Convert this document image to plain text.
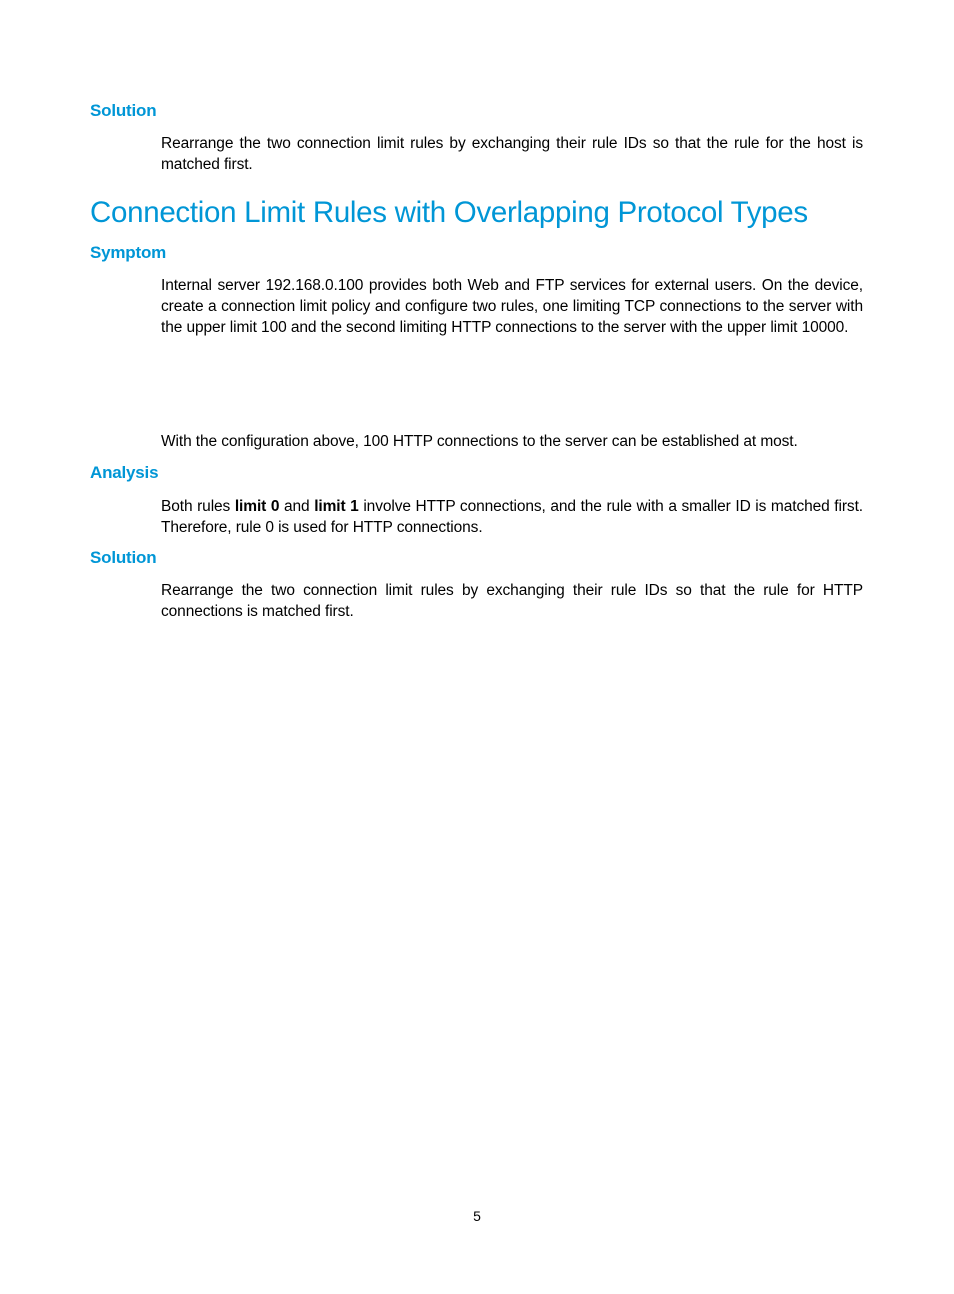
Solution

Rearrange the two connection limit rules by exchanging their rule IDs so that the rule for the host is matched first.

Connection Limit Rules with Overlapping Protocol Types
Symptom

Internal server 192.168.0.100 provides both Web and FTP services for external users. On the device, create a connection limit policy and configure two rules, one limiting TCP connections to the server with the upper limit 100 and the second limiting HTTP connections to the server with the upper limit 10000.

With the configuration above, 100 HTTP connections to the server can be established at most.

Analysis

Both rules limit 0 and limit 1 involve HTTP connections, and the rule with a smaller ID is matched first. Therefore, rule 0 is used for HTTP connections.

Solution

Rearrange the two connection limit rules by exchanging their rule IDs so that the rule for HTTP connections is matched first.

5
